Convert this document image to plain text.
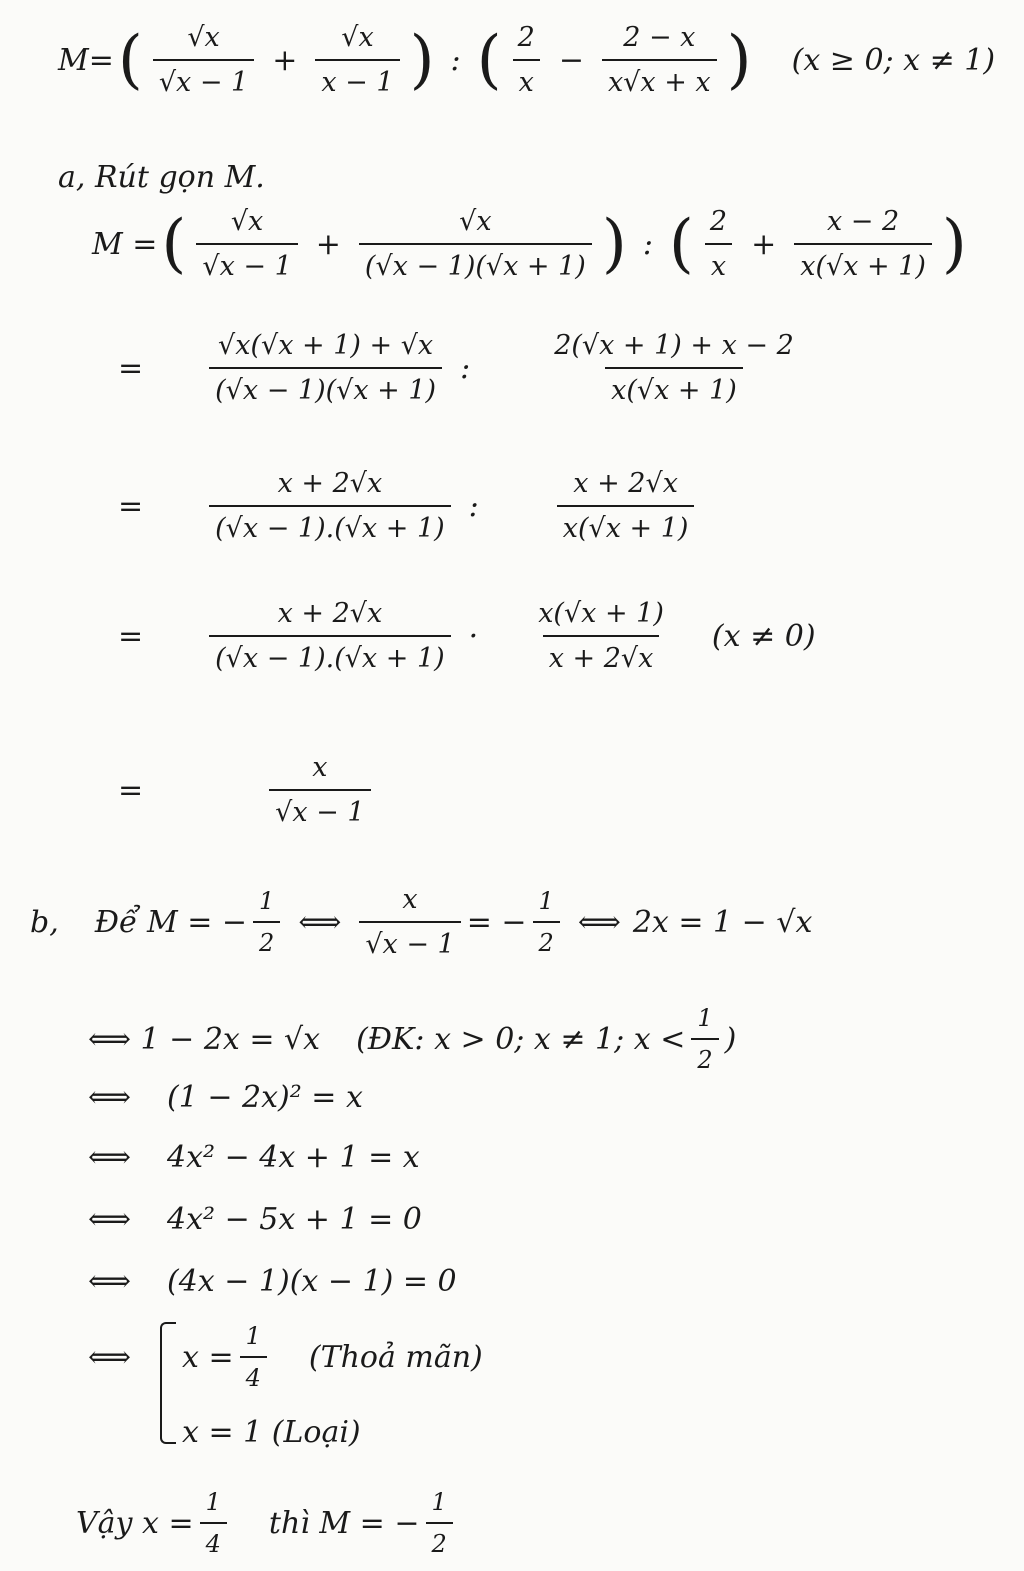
M = ( $\frac{√x}{√x - 1} + \frac{√x}{x - 1}$ ) : ( $\frac{2}{x} - \frac{2 - x}{x√x + x}$ ) (x ≥ 0; x ≠ 1)
a, Rút gọn M.
M = ( $\frac{√x}{√x - 1} + \frac{√x}{(√x - 1)(√x + 1)}$ ) : ( $\frac{2}{x} + \frac{x - 2}{x(√x + 1)}$ )
= $\frac{√x(√x + 1) + √x}{(√x - 1)(√x + 1)}$ :	$\frac{2(√x + 1) + x - 2}{x(√x + 1)}$
= $\frac{x + 2√x}{(√x - 1).(√x + 1)}$ :	$\frac{x + 2√x}{x(√x + 1)}$
= $\frac{x + 2√x}{(√x - 1).(√x + 1)} \cdot \frac{x(√x + 1)}{x + 2√x} (x \ne 0)$
=	$\frac{x}{√x - 1}$
b, Để M = − $\frac{1}{2}$ ⟺ $\frac{x}{√x - 1}$ = − $\frac{1}{2}$ ⟺ 2x = 1 − √x
⟺ 1 − 2x = √x (ĐK: x > 0; x ≠ 1; $x < \frac{1}{2}$ )
⟺ (1 − 2x)² = x
⟺ 4x² − 4x + 1 = x
⟺ 4x² − 5x + 1 = 0
⟺ (4x − 1)(x − 1) = 0
⟺ $x = \frac{1}{4}$ (Thoả mãn)
x = 1 (Loại)
Vậy $x = \frac{1}{4}$ thì M = − $\frac{1}{2}$
